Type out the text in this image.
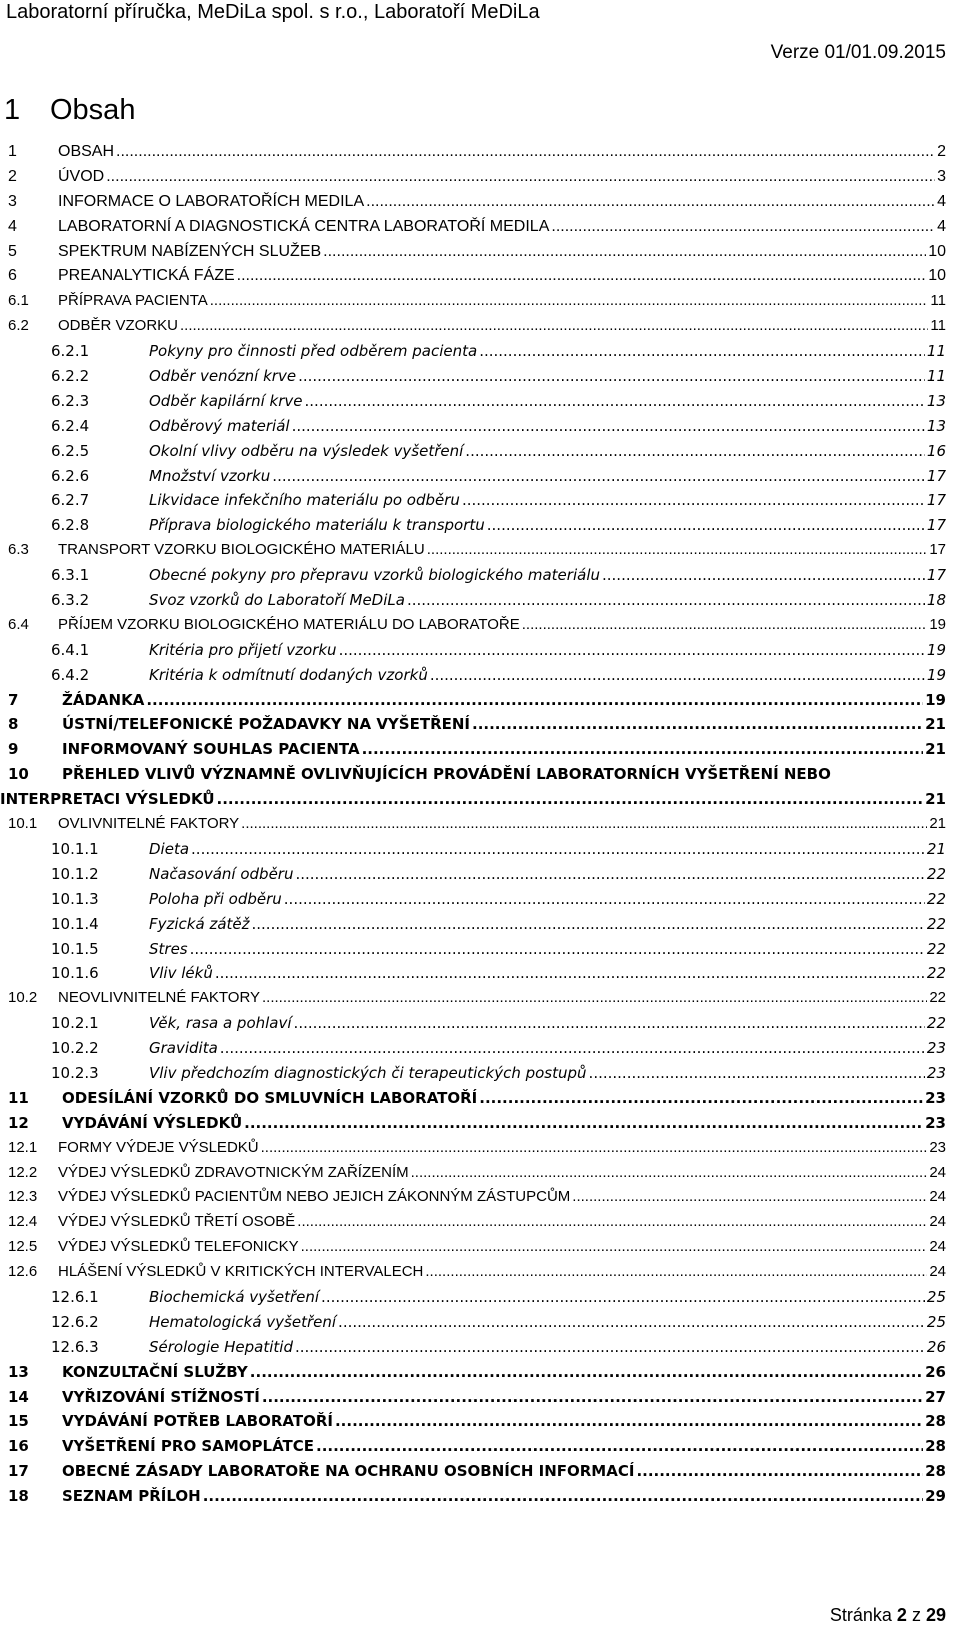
Laboratorní příručka, MeDiLa spol. s r.o., Laboratoří MeDiLa
Verze 01/01.09.2015
1 Obsah
1	OBSAH .....	2
2	ÚVOD .....	3
3	INFORMACE O LABORATOŘÍCH MEDILA .....	4
4	LABORATORNÍ A DIAGNOSTICKÁ CENTRA LABORATOŘÍ MEDILA .....	4
5	SPEKTRUM NABÍZENÝCH SLUŽEB .....	10
6	PREANALYTICKÁ FÁZE .....	10
6.1	PŘÍPRAVA PACIENTA .....	11
6.2	ODBĚR VZORKU .....	11
6.2.1	Pokyny pro činnosti před odběrem pacienta .....	11
6.2.2	Odběr venózní krve .....	11
6.2.3	Odběr kapilární krve .....	13
6.2.4	Odběrový materiál .....	13
6.2.5	Okolní vlivy odběru na výsledek vyšetření .....	16
6.2.6	Množství vzorku .....	17
6.2.7	Likvidace infekčního materiálu po odběru .....	17
6.2.8	Příprava biologického materiálu k transportu .....	17
6.3	TRANSPORT VZORKU BIOLOGICKÉHO MATERIÁLU .....	17
6.3.1	Obecné pokyny pro přepravu vzorků biologického materiálu .....	17
6.3.2	Svoz vzorků do Laboratoří MeDiLa .....	18
6.4	PŘÍJEM VZORKU BIOLOGICKÉHO MATERIÁLU DO LABORATOŘE .....	19
6.4.1	Kritéria pro přijetí vzorku .....	19
6.4.2	Kritéria k odmítnutí dodaných vzorků .....	19
7	ŽÁDANKA .....	19
8	ÚSTNÍ/TELEFONICKÉ POŽADAVKY NA VYŠETŘENÍ .....	21
9	INFORMOVANÝ SOUHLAS PACIENTA .....	21
10 PŘEHLED VLIVŮ VÝZNAMNĚ OVLIVŇUJÍCÍCH PROVÁDĚNÍ LABORATORNÍCH VYŠETŘENÍ NEBO
INTERPRETACI VÝSLEDKŮ .....	21
10.1	OVLIVNITELNÉ FAKTORY .....	21
10.1.1	Dieta .....	21
10.1.2	Načasování odběru .....	22
10.1.3	Poloha při odběru .....	22
10.1.4	Fyzická zátěž .....	22
10.1.5	Stres .....	22
10.1.6	Vliv léků .....	22
10.2	NEOVLIVNITELNÉ FAKTORY .....	22
10.2.1	Věk, rasa a pohlaví .....	22
10.2.2	Gravidita .....	23
10.2.3	Vliv předchozím diagnostických či terapeutických postupů .....	23
11	ODESÍLÁNÍ VZORKŮ DO SMLUVNÍCH LABORATOŘÍ .....	23
12	VYDÁVÁNÍ VÝSLEDKŮ .....	23
12.1	FORMY VÝDEJE VÝSLEDKŮ .....	23
12.2	VÝDEJ VÝSLEDKŮ ZDRAVOTNICKÝM ZAŘÍZENÍM .....	24
12.3	VÝDEJ VÝSLEDKŮ PACIENTŮM NEBO JEJICH ZÁKONNÝM ZÁSTUPCŮM .....	24
12.4	VÝDEJ VÝSLEDKŮ TŘETÍ OSOBĚ .....	24
12.5	VÝDEJ VÝSLEDKŮ TELEFONICKY .....	24
12.6	HLÁŠENÍ VÝSLEDKŮ V KRITICKÝCH INTERVALECH .....	24
12.6.1	Biochemická vyšetření .....	25
12.6.2	Hematologická vyšetření .....	25
12.6.3	Sérologie Hepatitid .....	26
13	KONZULTAČNÍ SLUŽBY .....	26
14	VYŘIZOVÁNÍ STÍŽNOSTÍ .....	27
15	VYDÁVÁNÍ POTŘEB LABORATOŘÍ .....	28
16	VYŠETŘENÍ PRO SAMOPLÁTCE .....	28
17	OBECNÉ ZÁSADY LABORATOŘE NA OCHRANU OSOBNÍCH INFORMACÍ .....	28
18	SEZNAM PŘÍLOH .....	29
Stránka 2 z 29
